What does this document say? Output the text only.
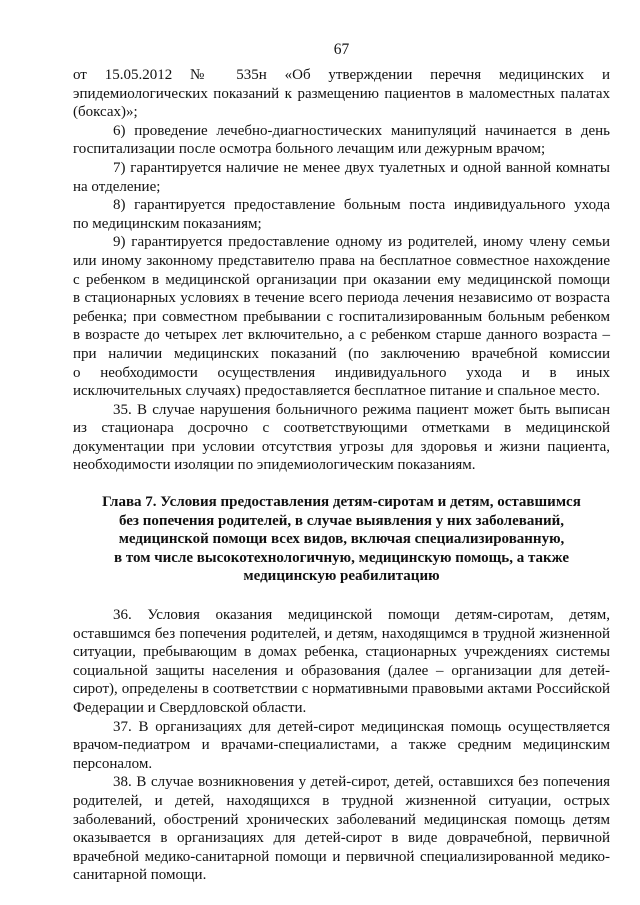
67
от 15.05.2012 № 535н «Об утверждении перечня медицинских и
эпидемиологических показаний к размещению пациентов в маломестных палатах
(боксах)»;
6) проведение лечебно-диагностических манипуляций начинается в день
госпитализации после осмотра больного лечащим или дежурным врачом;
7) гарантируется наличие не менее двух туалетных и одной ванной комнаты
на отделение;
8) гарантируется предоставление больным поста индивидуального ухода
по медицинским показаниям;
9) гарантируется предоставление одному из родителей, иному члену семьи
или иному законному представителю права на бесплатное совместное нахождение
с ребенком в медицинской организации при оказании ему медицинской помощи
в стационарных условиях в течение всего периода лечения независимо от возраста
ребенка; при совместном пребывании с госпитализированным больным ребенком
в возрасте до четырех лет включительно, а с ребенком старше данного возраста –
при наличии медицинских показаний (по заключению врачебной комиссии
о необходимости осуществления индивидуального ухода и в иных
исключительных случаях) предоставляется бесплатное питание и спальное место.
35. В случае нарушения больничного режима пациент может быть выписан
из стационара досрочно с соответствующими отметками в медицинской
документации при условии отсутствия угрозы для здоровья и жизни пациента,
необходимости изоляции по эпидемиологическим показаниям.
Глава 7. Условия предоставления детям-сиротам и детям, оставшимся
без попечения родителей, в случае выявления у них заболеваний,
медицинской помощи всех видов, включая специализированную,
в том числе высокотехнологичную, медицинскую помощь, а также
медицинскую реабилитацию
36. Условия оказания медицинской помощи детям-сиротам, детям,
оставшимся без попечения родителей, и детям, находящимся в трудной жизненной
ситуации, пребывающим в домах ребенка, стационарных учреждениях системы
социальной защиты населения и образования (далее – организации для детей-
сирот), определены в соответствии с нормативными правовыми актами Российской
Федерации и Свердловской области.
37. В организациях для детей-сирот медицинская помощь осуществляется
врачом-педиатром и врачами-специалистами, а также средним медицинским
персоналом.
38. В случае возникновения у детей-сирот, детей, оставшихся без попечения
родителей, и детей, находящихся в трудной жизненной ситуации, острых
заболеваний, обострений хронических заболеваний медицинская помощь детям
оказывается в организациях для детей-сирот в виде доврачебной, первичной
врачебной медико-санитарной помощи и первичной специализированной медико-
санитарной помощи.
